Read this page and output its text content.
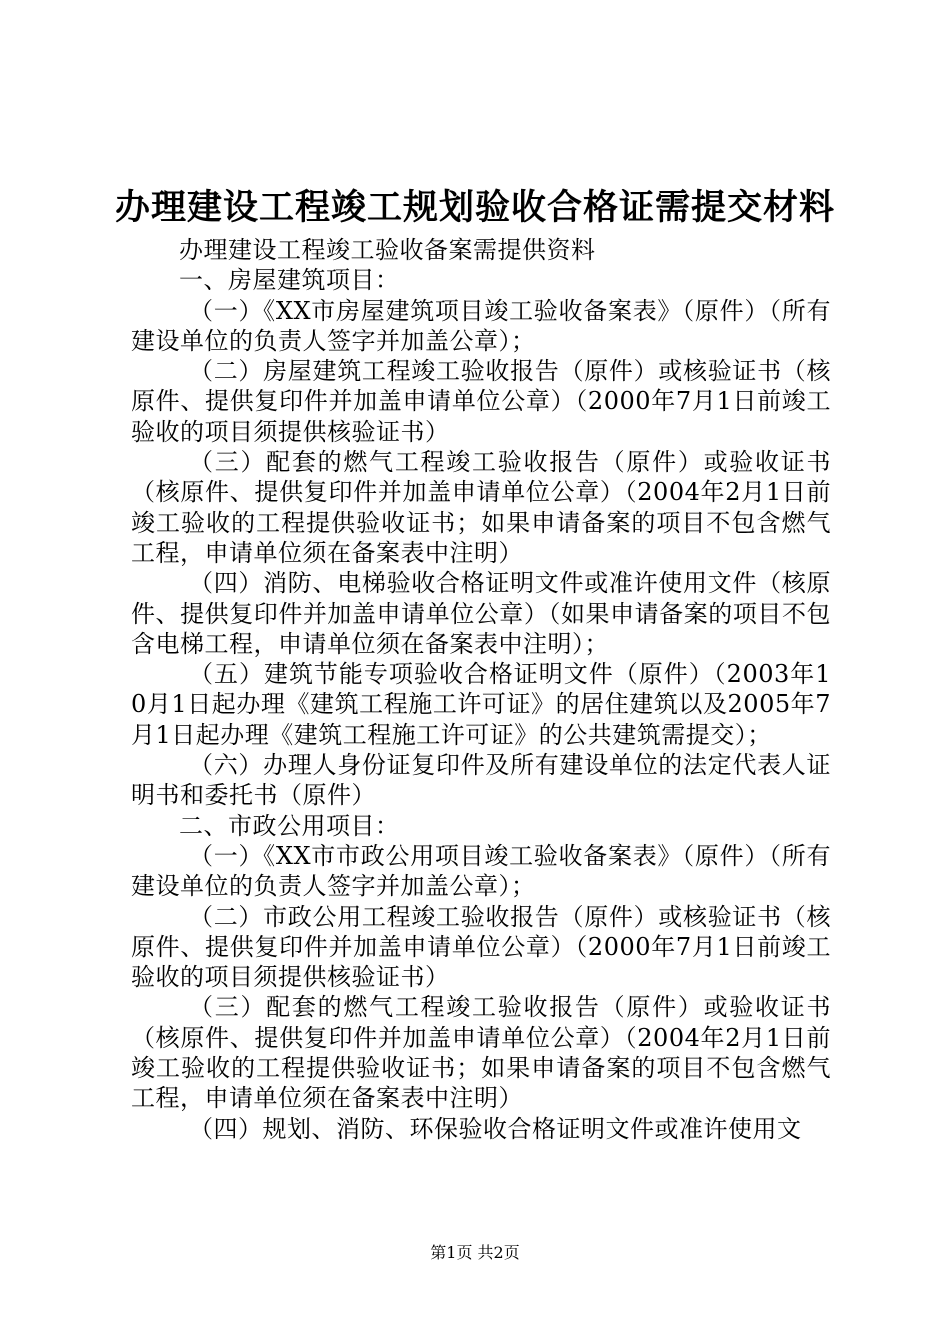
办理建设工程竣工规划验收合格证需提交材料

办理建设工程竣工验收备案需提供资料

一、房屋建筑项目：

（一）《XX市房屋建筑项目竣工验收备案表》（原件）（所有建设单位的负责人签字并加盖公章）；

（二）房屋建筑工程竣工验收报告（原件）或核验证书（核原件、提供复印件并加盖申请单位公章）（2000年7月1日前竣工验收的项目须提供核验证书）

（三）配套的燃气工程竣工验收报告（原件）或验收证书（核原件、提供复印件并加盖申请单位公章）（2004年2月1日前竣工验收的工程提供验收证书；如果申请备案的项目不包含燃气工程，申请单位须在备案表中注明）

（四）消防、电梯验收合格证明文件或准许使用文件（核原件、提供复印件并加盖申请单位公章）（如果申请备案的项目不包含电梯工程，申请单位须在备案表中注明）；

（五）建筑节能专项验收合格证明文件（原件）（2003年10月1日起办理《建筑工程施工许可证》的居住建筑以及2005年7月1日起办理《建筑工程施工许可证》的公共建筑需提交）；

（六）办理人身份证复印件及所有建设单位的法定代表人证明书和委托书（原件）

二、市政公用项目：

（一）《XX市市政公用项目竣工验收备案表》（原件）（所有建设单位的负责人签字并加盖公章）；

（二）市政公用工程竣工验收报告（原件）或核验证书（核原件、提供复印件并加盖申请单位公章）（2000年7月1日前竣工验收的项目须提供核验证书）

（三）配套的燃气工程竣工验收报告（原件）或验收证书（核原件、提供复印件并加盖申请单位公章）（2004年2月1日前竣工验收的工程提供验收证书；如果申请备案的项目不包含燃气工程，申请单位须在备案表中注明）

（四）规划、消防、环保验收合格证明文件或准许使用文

第1页 共2页
